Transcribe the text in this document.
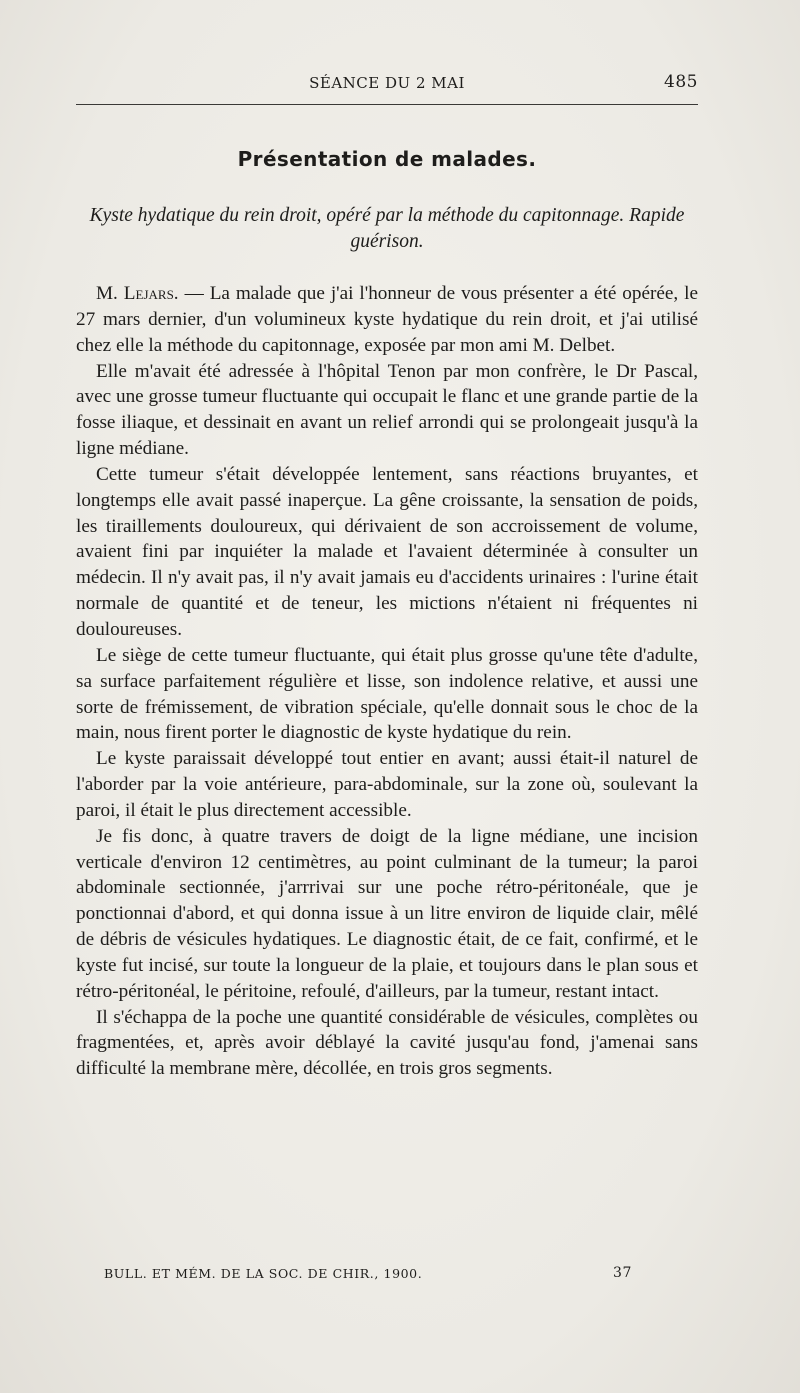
SÉANCE DU 2 MAI	485
Présentation de malades.
Kyste hydatique du rein droit, opéré par la méthode du capitonnage. Rapide guérison.

M. Lejars. — La malade que j'ai l'honneur de vous présenter a été opérée, le 27 mars dernier, d'un volumineux kyste hydatique du rein droit, et j'ai utilisé chez elle la méthode du capitonnage, exposée par mon ami M. Delbet.

Elle m'avait été adressée à l'hôpital Tenon par mon confrère, le Dr Pascal, avec une grosse tumeur fluctuante qui occupait le flanc et une grande partie de la fosse iliaque, et dessinait en avant un relief arrondi qui se prolongeait jusqu'à la ligne médiane.

Cette tumeur s'était développée lentement, sans réactions bruyantes, et longtemps elle avait passé inaperçue. La gêne croissante, la sensation de poids, les tiraillements douloureux, qui dérivaient de son accroissement de volume, avaient fini par inquiéter la malade et l'avaient déterminée à consulter un médecin. Il n'y avait pas, il n'y avait jamais eu d'accidents urinaires : l'urine était normale de quantité et de teneur, les mictions n'étaient ni fréquentes ni douloureuses.

Le siège de cette tumeur fluctuante, qui était plus grosse qu'une tête d'adulte, sa surface parfaitement régulière et lisse, son indolence relative, et aussi une sorte de frémissement, de vibration spéciale, qu'elle donnait sous le choc de la main, nous firent porter le diagnostic de kyste hydatique du rein.

Le kyste paraissait développé tout entier en avant; aussi était-il naturel de l'aborder par la voie antérieure, para-abdominale, sur la zone où, soulevant la paroi, il était le plus directement accessible.

Je fis donc, à quatre travers de doigt de la ligne médiane, une incision verticale d'environ 12 centimètres, au point culminant de la tumeur; la paroi abdominale sectionnée, j'arrrivai sur une poche rétro-péritonéale, que je ponctionnai d'abord, et qui donna issue à un litre environ de liquide clair, mêlé de débris de vésicules hydatiques. Le diagnostic était, de ce fait, confirmé, et le kyste fut incisé, sur toute la longueur de la plaie, et toujours dans le plan sous et rétro-péritonéal, le péritoine, refoulé, d'ailleurs, par la tumeur, restant intact.

Il s'échappa de la poche une quantité considérable de vésicules, complètes ou fragmentées, et, après avoir déblayé la cavité jusqu'au fond, j'amenai sans difficulté la membrane mère, décollée, en trois gros segments.

BULL. ET MÉM. DE LA SOC. DE CHIR., 1900.	37
